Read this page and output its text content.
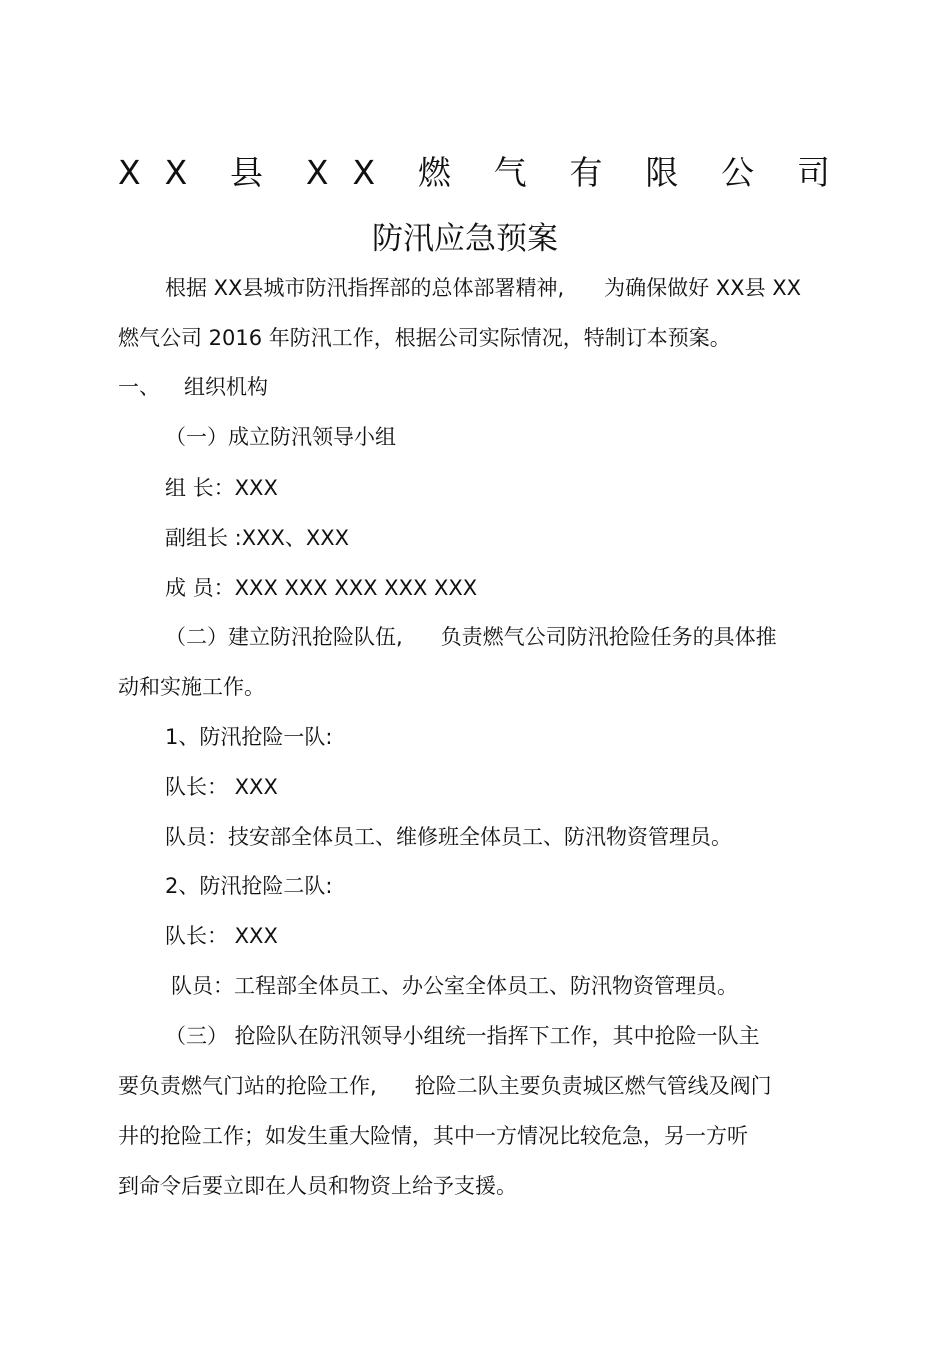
X X 县 X X 燃 气 有 限 公 司
防汛应急预案
根据 XX县城市防汛指挥部的总体部署精神, 为确保做好 XX县 XX
燃气公司 2016 年防汛工作，根据公司实际情况，特制订本预案。
一、 组织机构
（一）成立防汛领导小组
组 长：XXX
副组长 :XXX、XXX
成 员：XXX XXX XXX XXX XXX
（二）建立防汛抢险队伍, 负责燃气公司防汛抢险任务的具体推
动和实施工作。
1、防汛抢险一队:
队长： XXX
队员：技安部全体员工、维修班全体员工、防汛物资管理员。
2、防汛抢险二队:
队长： XXX
队员：工程部全体员工、办公室全体员工、防汛物资管理员。
（三） 抢险队在防汛领导小组统一指挥下工作，其中抢险一队主
要负责燃气门站的抢险工作, 抢险二队主要负责城区燃气管线及阀门
井的抢险工作；如发生重大险情，其中一方情况比较危急，另一方听
到命令后要立即在人员和物资上给予支援。
